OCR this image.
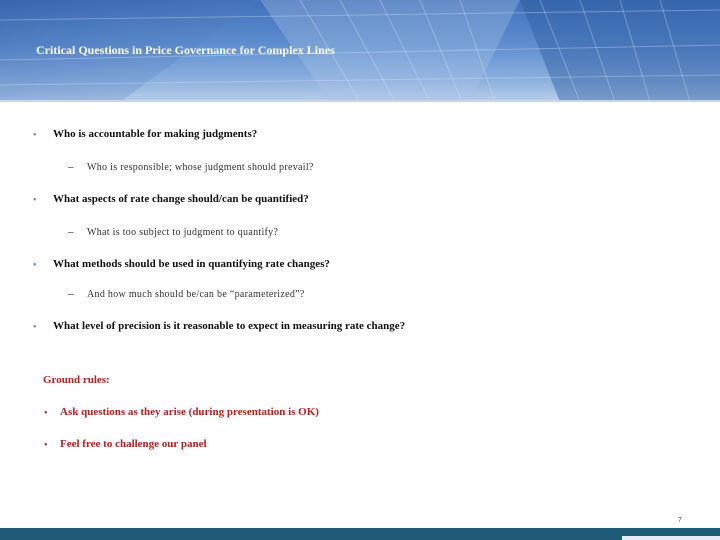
Critical Questions in Price Governance for Complex Lines
• Who is accountable for making judgments?
– Who is responsible; whose judgment should prevail?
• What aspects of rate change should/can be quantified?
– What is too subject to judgment to quantify?
• What methods should be used in quantifying rate changes?
– And how much should be/can be “parameterized”?
• What level of precision is it reasonable to expect in measuring rate change?
Ground rules:
• Ask questions as they arise (during presentation is OK)
• Feel free to challenge our panel
7
